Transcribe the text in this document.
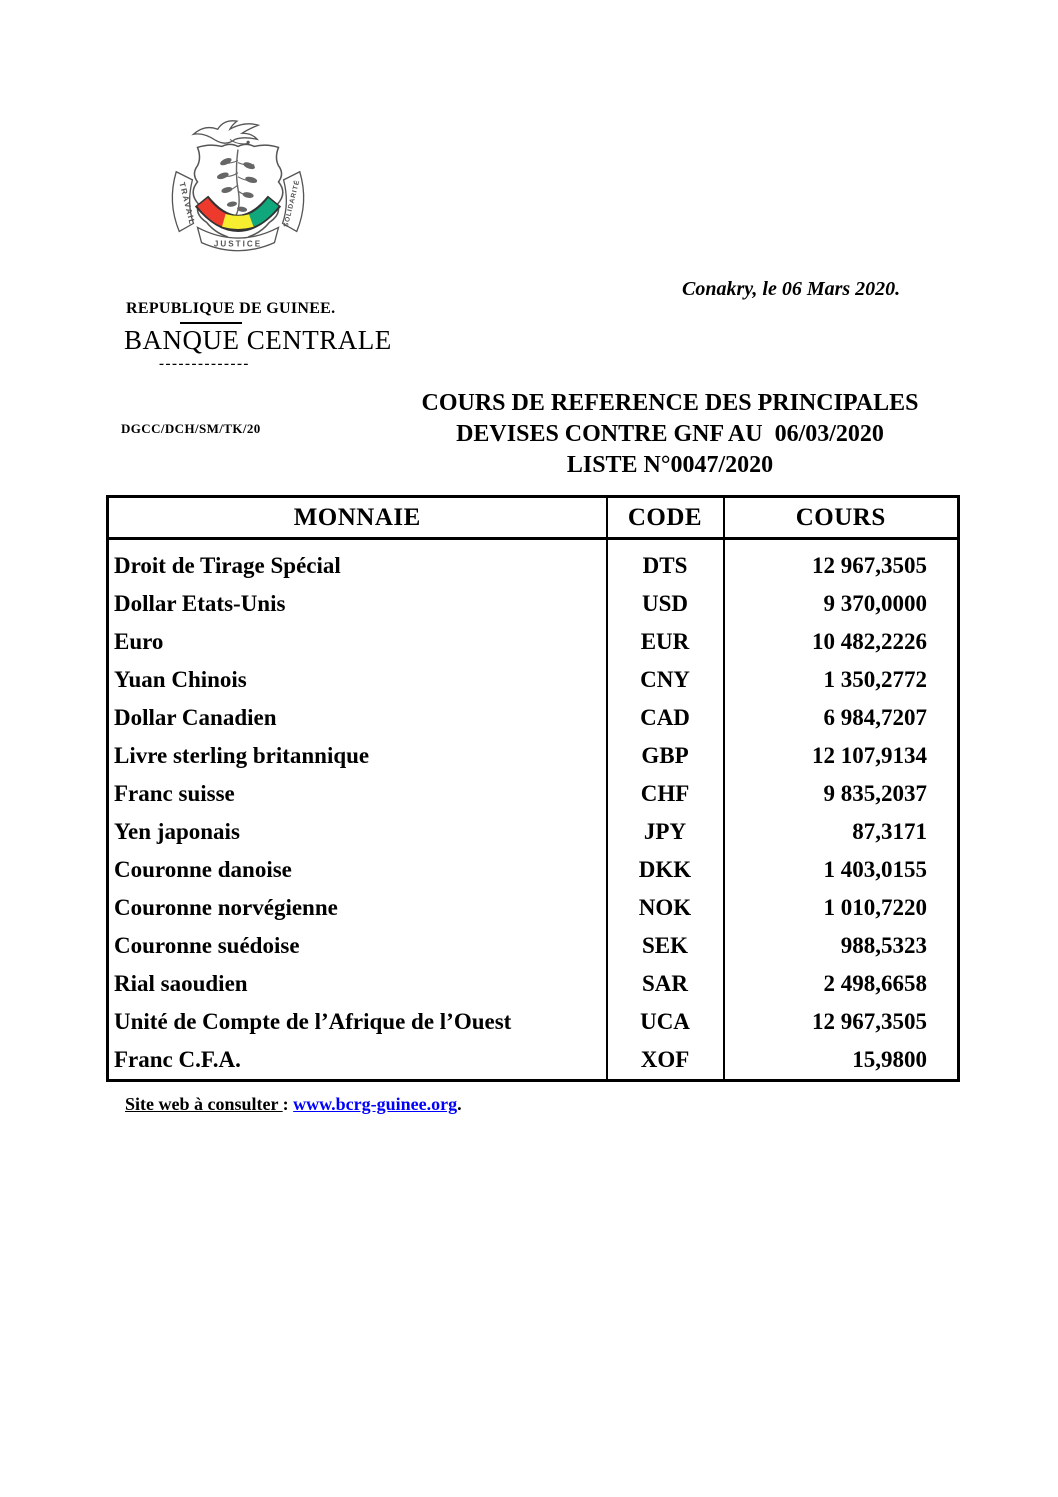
TRAVAIL	SOLIDARITÉ
JUSTICE
Conakry, le 06 Mars 2020.
REPUBLIQUE DE GUINEE.
BANQUE CENTRALE
--------------
DGCC/DCH/SM/TK/20
COURS DE REFERENCE DES PRINCIPALES
DEVISES CONTRE GNF AU  06/03/2020
LISTE N°0047/2020
MONNAIE	CODE	COURS
Droit de Tirage Spécial	DTS	12 967,3505
Dollar Etats-Unis	USD	9 370,0000
Euro	EUR	10 482,2226
Yuan Chinois	CNY	1 350,2772
Dollar Canadien	CAD	6 984,7207
Livre sterling britannique	GBP	12 107,9134
Franc suisse	CHF	9 835,2037
Yen japonais	JPY	87,3171
Couronne danoise	DKK	1 403,0155
Couronne norvégienne	NOK	1 010,7220
Couronne suédoise	SEK	988,5323
Rial saoudien	SAR	2 498,6658
Unité de Compte de l’Afrique de l’Ouest	UCA	12 967,3505
Franc C.F.A.	XOF	15,9800
Site web à consulter : www.bcrg-guinee.org.
